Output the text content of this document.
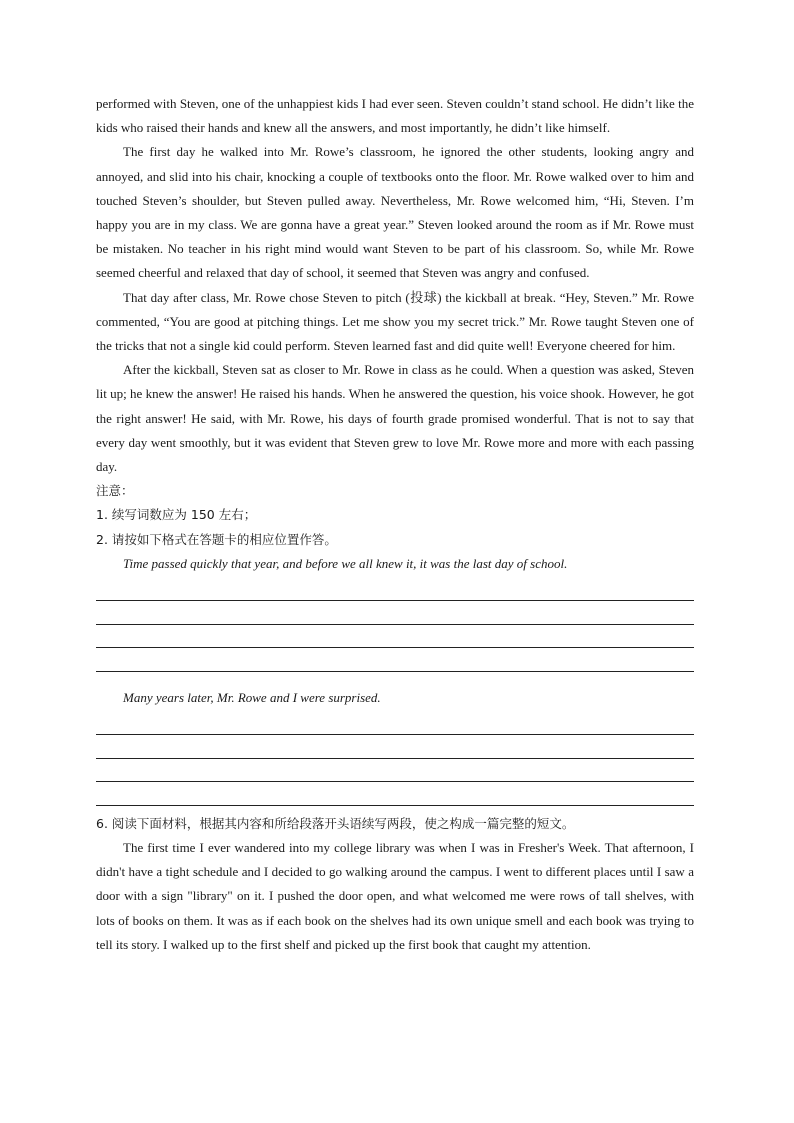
performed with Steven, one of the unhappiest kids I had ever seen. Steven couldn’t stand school. He didn’t like the kids who raised their hands and knew all the answers, and most importantly, he didn’t like himself.

The first day he walked into Mr. Rowe’s classroom, he ignored the other students, looking angry and annoyed, and slid into his chair, knocking a couple of textbooks onto the floor. Mr. Rowe walked over to him and touched Steven’s shoulder, but Steven pulled away. Nevertheless, Mr. Rowe welcomed him, “Hi, Steven. I’m happy you are in my class. We are gonna have a great year.” Steven looked around the room as if Mr. Rowe must be mistaken. No teacher in his right mind would want Steven to be part of his classroom. So, while Mr. Rowe seemed cheerful and relaxed that day of school, it seemed that Steven was angry and confused.

That day after class, Mr. Rowe chose Steven to pitch (投球) the kickball at break. “Hey, Steven.” Mr. Rowe commented, “You are good at pitching things. Let me show you my secret trick.” Mr. Rowe taught Steven one of the tricks that not a single kid could perform. Steven learned fast and did quite well! Everyone cheered for him.

After the kickball, Steven sat as closer to Mr. Rowe in class as he could. When a question was asked, Steven lit up; he knew the answer! He raised his hands. When he answered the question, his voice shook. However, he got the right answer! He said, with Mr. Rowe, his days of fourth grade promised wonderful. That is not to say that every day went smoothly, but it was evident that Steven grew to love Mr. Rowe more and more with each passing day.

注意：

1. 续写词数应为 150 左右；

2. 请按如下格式在答题卡的相应位置作答。

Time passed quickly that year, and before we all knew it, it was the last day of school.

Many years later, Mr. Rowe and I were surprised.

6. 阅读下面材料，根据其内容和所给段落开头语续写两段，使之构成一篇完整的短文。

The first time I ever wandered into my college library was when I was in Fresher's Week. That afternoon, I didn't have a tight schedule and I decided to go walking around the campus. I went to different places until I saw a door with a sign "library" on it. I pushed the door open, and what welcomed me were rows of tall shelves, with lots of books on them. It was as if each book on the shelves had its own unique smell and each book was trying to tell its story. I walked up to the first shelf and picked up the first book that caught my attention.
